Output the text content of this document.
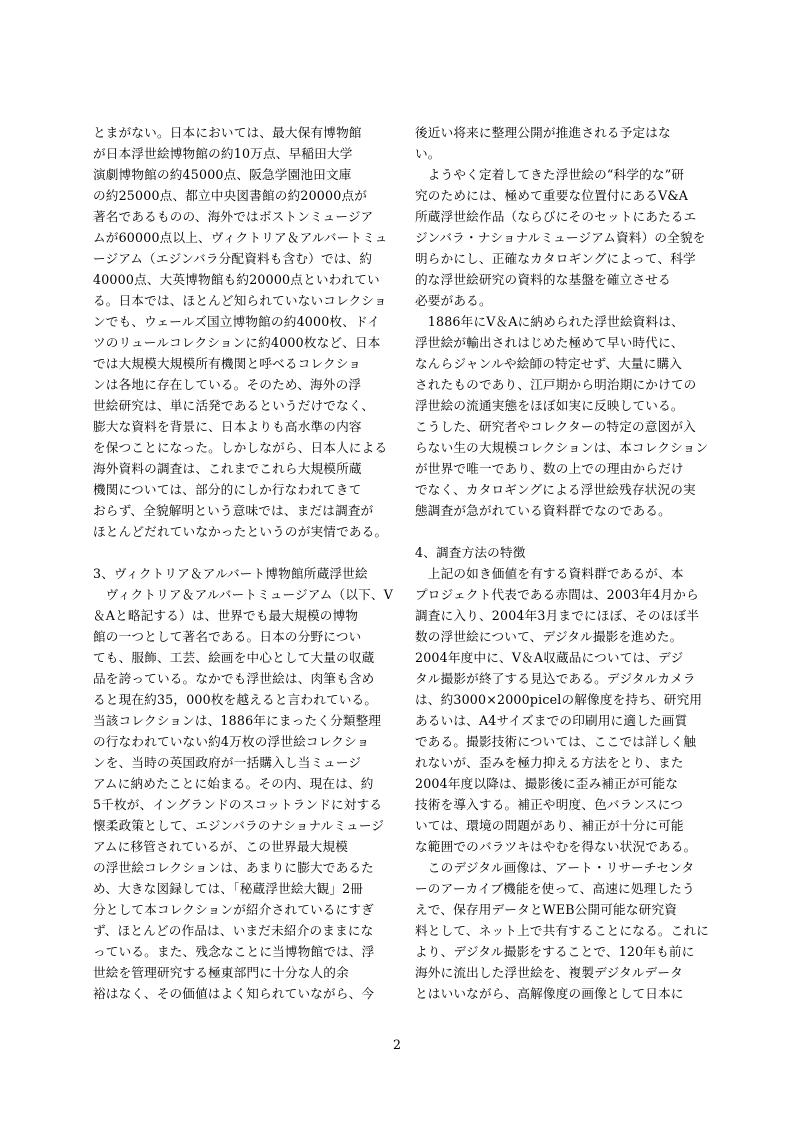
とまがない。日本においては、最大保有博物館
が日本浮世絵博物館の約10万点、早稲田大学
演劇博物館の約45000点、阪急学園池田文庫
の約25000点、都立中央図書館の約20000点が
著名であるものの、海外ではボストンミュージア
ムが60000点以上、ヴィクトリア＆アルバートミュ
ージアム（エジンバラ分配資料も含む）では、約
40000点、大英博物館も約20000点といわれてい
る。日本では、ほとんど知られていないコレクショ
ンでも、ウェールズ国立博物館の約4000枚、ドイ
ツのリュールコレクションに約4000枚など、日本
では大規模大規模所有機関と呼べるコレクショ
ンは各地に存在している。そのため、海外の浮
世絵研究は、単に活発であるというだけでなく、
膨大な資料を背景に、日本よりも高水準の内容
を保つことになった。しかしながら、日本人による
海外資料の調査は、これまでこれら大規模所蔵
機関については、部分的にしか行なわれてきて
おらず、全貌解明という意味では、まだは調査が
ほとんどだれていなかったというのが実情である。
3、ヴィクトリア＆アルバート博物館所蔵浮世絵
　ヴィクトリア＆アルバートミュージアム（以下、V
＆Aと略記する）は、世界でも最大規模の博物
館の一つとして著名である。日本の分野につい
ても、服飾、工芸、絵画を中心として大量の収蔵
品を誇っている。なかでも浮世絵は、肉筆も含め
ると現在約35，000枚を越えると言われている。
当該コレクションは、1886年にまったく分類整理
の行なわれていない約4万枚の浮世絵コレクショ
ンを、当時の英国政府が一括購入し当ミュージ
アムに納めたことに始まる。その内、現在は、約
5千枚が、イングランドのスコットランドに対する
懐柔政策として、エジンバラのナショナルミュージ
アムに移管されているが、この世界最大規模
の浮世絵コレクションは、あまりに膨大であるた
め、大きな図録しては、「秘蔵浮世絵大観」2冊
分として本コレクションが紹介されているにすぎ
ず、ほとんどの作品は、いまだ未紹介のままにな
っている。また、残念なことに当博物館では、浮
世絵を管理研究する極東部門に十分な人的余
裕はなく、その価値はよく知られていながら、今
後近い将来に整理公開が推進される予定はな
い。
　ようやく定着してきた浮世絵の“科学的な”研
究のためには、極めて重要な位置付にあるV&A
所蔵浮世絵作品（ならびにそのセットにあたるエ
ジンバラ・ナショナルミュージアム資料）の全貌を
明らかにし、正確なカタロギングによって、科学
的な浮世絵研究の資料的な基盤を確立させる
必要がある。
　1886年にV＆Aに納められた浮世絵資料は、
浮世絵が輸出されはじめた極めて早い時代に、
なんらジャンルや絵師の特定せず、大量に購入
されたものであり、江戸期から明治期にかけての
浮世絵の流通実態をほぼ如実に反映している。
こうした、研究者やコレクターの特定の意図が入
らない生の大規模コレクションは、本コレクション
が世界で唯一であり、数の上での理由からだけ
でなく、カタロギングによる浮世絵残存状況の実
態調査が急がれている資料群でなのである。
4、調査方法の特徴
　上記の如き価値を有する資料群であるが、本
プロジェクト代表である赤間は、2003年4月から
調査に入り、2004年3月までにほぼ、そのほぼ半
数の浮世絵について、デジタル撮影を進めた。
2004年度中に、V＆A収蔵品については、デジ
タル撮影が終了する見込である。デジタルカメラ
は、約3000×2000picelの解像度を持ち、研究用
あるいは、A4サイズまでの印刷用に適した画質
である。撮影技術については、ここでは詳しく触
れないが、歪みを極力抑える方法をとり、また
2004年度以降は、撮影後に歪み補正が可能な
技術を導入する。補正や明度、色バランスにつ
いては、環境の問題があり、補正が十分に可能
な範囲でのバラツキはやむを得ない状況である。
　このデジタル画像は、アート・リサーチセンタ
ーのアーカイブ機能を使って、高速に処理したう
えで、保存用データとWEB公開可能な研究資
料として、ネット上で共有することになる。これに
より、デジタル撮影をすることで、120年も前に
海外に流出した浮世絵を、複製デジタルデータ
とはいいながら、高解像度の画像として日本に
2
